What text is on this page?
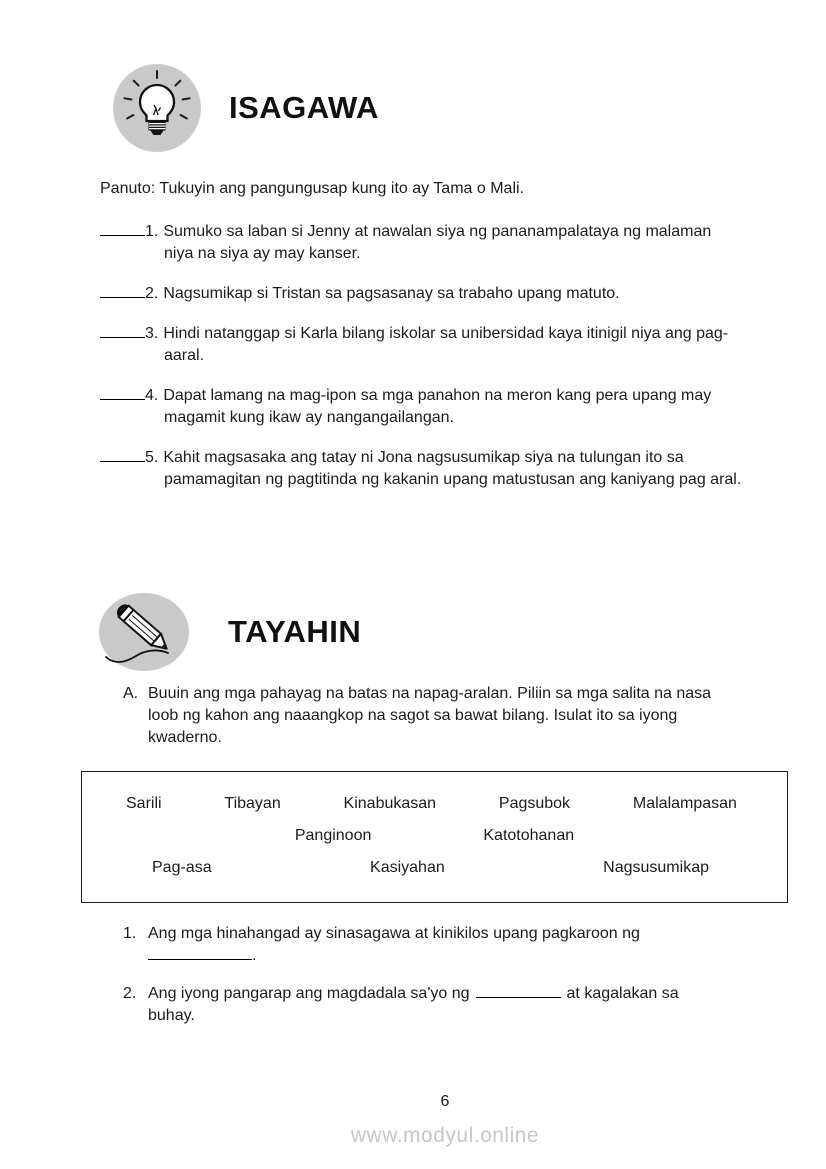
ISAGAWA
Panuto: Tukuyin ang pangungusap kung ito ay Tama o Mali.
1. Sumuko sa laban si Jenny at nawalan siya ng pananampalataya ng malaman niya na siya ay may kanser.
2. Nagsumikap si Tristan sa pagsasanay sa trabaho upang matuto.
3. Hindi natanggap si Karla bilang iskolar sa unibersidad kaya itinigil niya ang pag-aaral.
4. Dapat lamang na mag-ipon sa mga panahon na meron kang pera upang may magamit kung ikaw ay nangangailangan.
5. Kahit magsasaka ang tatay ni Jona nagsusumikap siya na tulungan ito sa pamamagitan ng pagtitinda ng kakanin upang matustusan ang kaniyang pag aral.
TAYAHIN
A. Buuin ang mga pahayag na batas na napag-aralan. Piliin sa mga salita na nasa loob ng kahon ang naaangkop na sagot sa bawat bilang. Isulat ito sa iyong kwaderno.
Sarili	Tibayan	Kinabukasan	Pagsubok	Malalampasan
Panginoon	Katotohanan
Pag-asa	Kasiyahan	Nagsusumikap
1. Ang mga hinahangad ay sinasagawa at kinikilos upang pagkaroon ng .
2. Ang iyong pangarap ang magdadala sa'yo ng	at kagalakan sa buhay.
6
www.modyul.online
